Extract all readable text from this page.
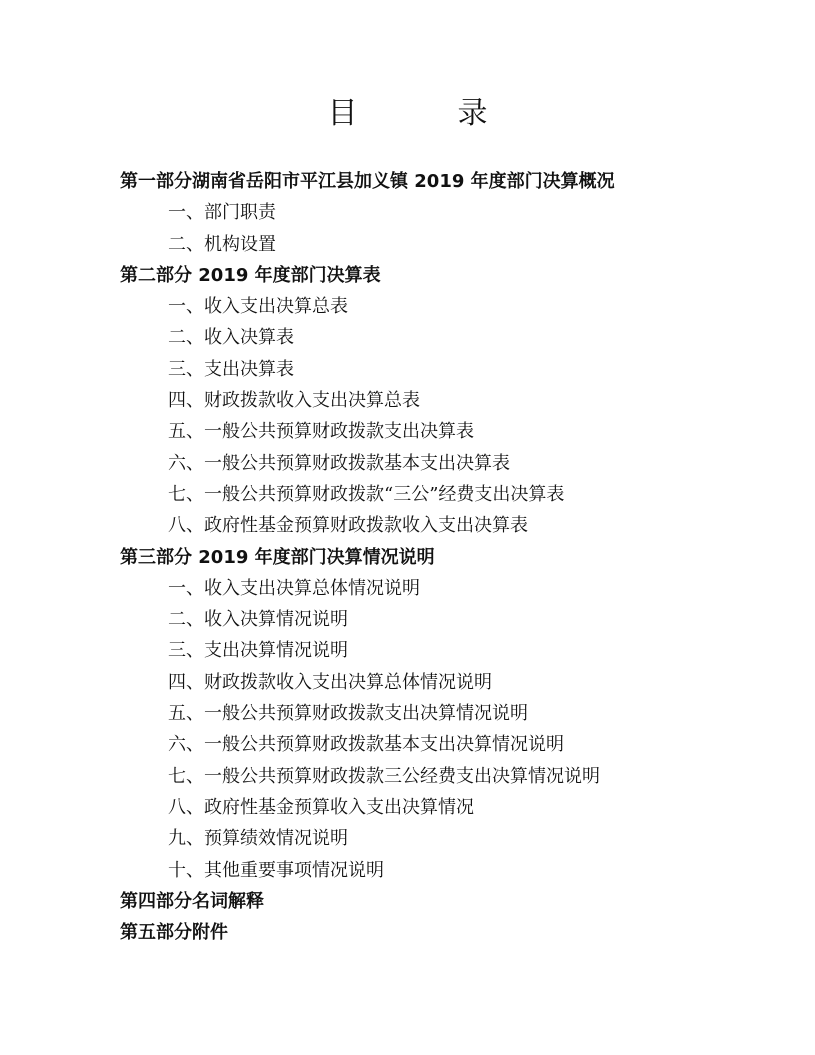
目	录
第一部分湖南省岳阳市平江县加义镇 2019 年度部门决算概况
一、部门职责
二、机构设置
第二部分 2019 年度部门决算表
一、收入支出决算总表
二、收入决算表
三、支出决算表
四、财政拨款收入支出决算总表
五、一般公共预算财政拨款支出决算表
六、一般公共预算财政拨款基本支出决算表
七、一般公共预算财政拨款“三公”经费支出决算表
八、政府性基金预算财政拨款收入支出决算表
第三部分 2019 年度部门决算情况说明
一、收入支出决算总体情况说明
二、收入决算情况说明
三、支出决算情况说明
四、财政拨款收入支出决算总体情况说明
五、一般公共预算财政拨款支出决算情况说明
六、一般公共预算财政拨款基本支出决算情况说明
七、一般公共预算财政拨款三公经费支出决算情况说明
八、政府性基金预算收入支出决算情况
九、预算绩效情况说明
十、其他重要事项情况说明
第四部分名词解释
第五部分附件
